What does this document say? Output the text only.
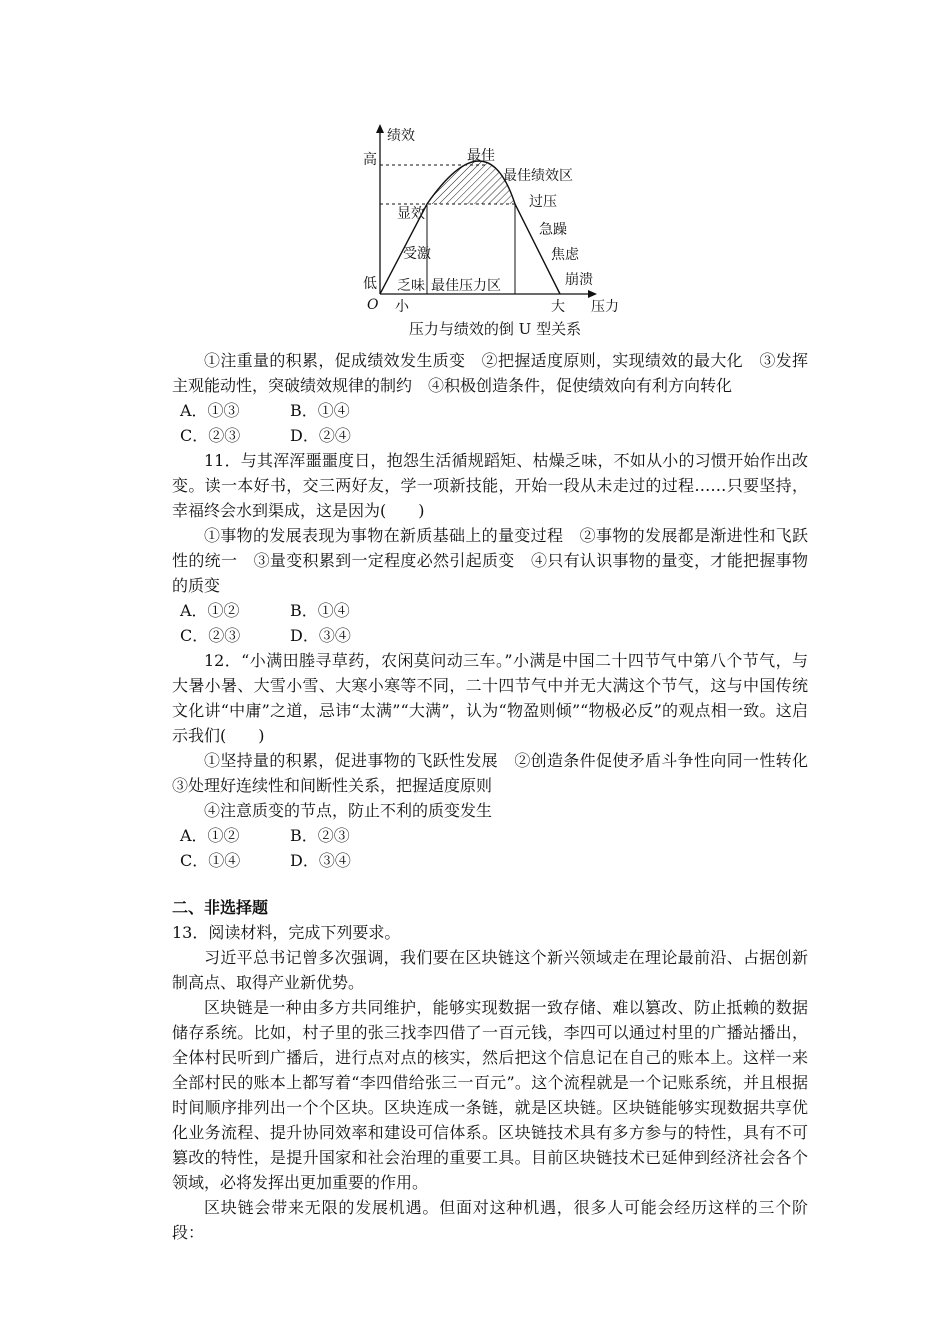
绩效
高
低
O 小	大 压力
最佳
最佳绩效区
显效
过压
受激
急躁
焦虑
崩溃
乏味 最佳压力区
压力与绩效的倒 U 型关系

①注重量的积累，促成绩效发生质变　②把握适度原则，实现绩效的最大化　③发挥主观能动性，突破绩效规律的制约　④积极创造条件，促使绩效向有利方向转化

A．①③	B．①④
C．②③	D．②④

11．与其浑浑噩噩度日，抱怨生活循规蹈矩、枯燥乏味，不如从小的习惯开始作出改变。读一本好书，交三两好友，学一项新技能，开始一段从未走过的过程……只要坚持，幸福终会水到渠成，这是因为(　　)

①事物的发展表现为事物在新质基础上的量变过程　②事物的发展都是渐进性和飞跃性的统一　③量变积累到一定程度必然引起质变　④只有认识事物的量变，才能把握事物的质变

A．①②	B．①④
C．②③	D．③④

12．“小满田塍寻草药，农闲莫问动三车。”小满是中国二十四节气中第八个节气，与大暑小暑、大雪小雪、大寒小寒等不同，二十四节气中并无大满这个节气，这与中国传统文化讲“中庸”之道，忌讳“太满”“大满”，认为“物盈则倾”“物极必反”的观点相一致。这启示我们(　　)

①坚持量的积累，促进事物的飞跃性发展　②创造条件促使矛盾斗争性向同一性转化　③处理好连续性和间断性关系，把握适度原则

④注意质变的节点，防止不利的质变发生

A．①②	B．②③
C．①④	D．③④

二、非选择题

13．阅读材料，完成下列要求。

习近平总书记曾多次强调，我们要在区块链这个新兴领域走在理论最前沿、占据创新制高点、取得产业新优势。

区块链是一种由多方共同维护，能够实现数据一致存储、难以篡改、防止抵赖的数据储存系统。比如，村子里的张三找李四借了一百元钱，李四可以通过村里的广播站播出，全体村民听到广播后，进行点对点的核实，然后把这个信息记在自己的账本上。这样一来全部村民的账本上都写着“李四借给张三一百元”。这个流程就是一个记账系统，并且根据时间顺序排列出一个个区块。区块连成一条链，就是区块链。区块链能够实现数据共享优化业务流程、提升协同效率和建设可信体系。区块链技术具有多方参与的特性，具有不可篡改的特性，是提升国家和社会治理的重要工具。目前区块链技术已延伸到经济社会各个领域，必将发挥出更加重要的作用。

区块链会带来无限的发展机遇。但面对这种机遇，很多人可能会经历这样的三个阶段：
